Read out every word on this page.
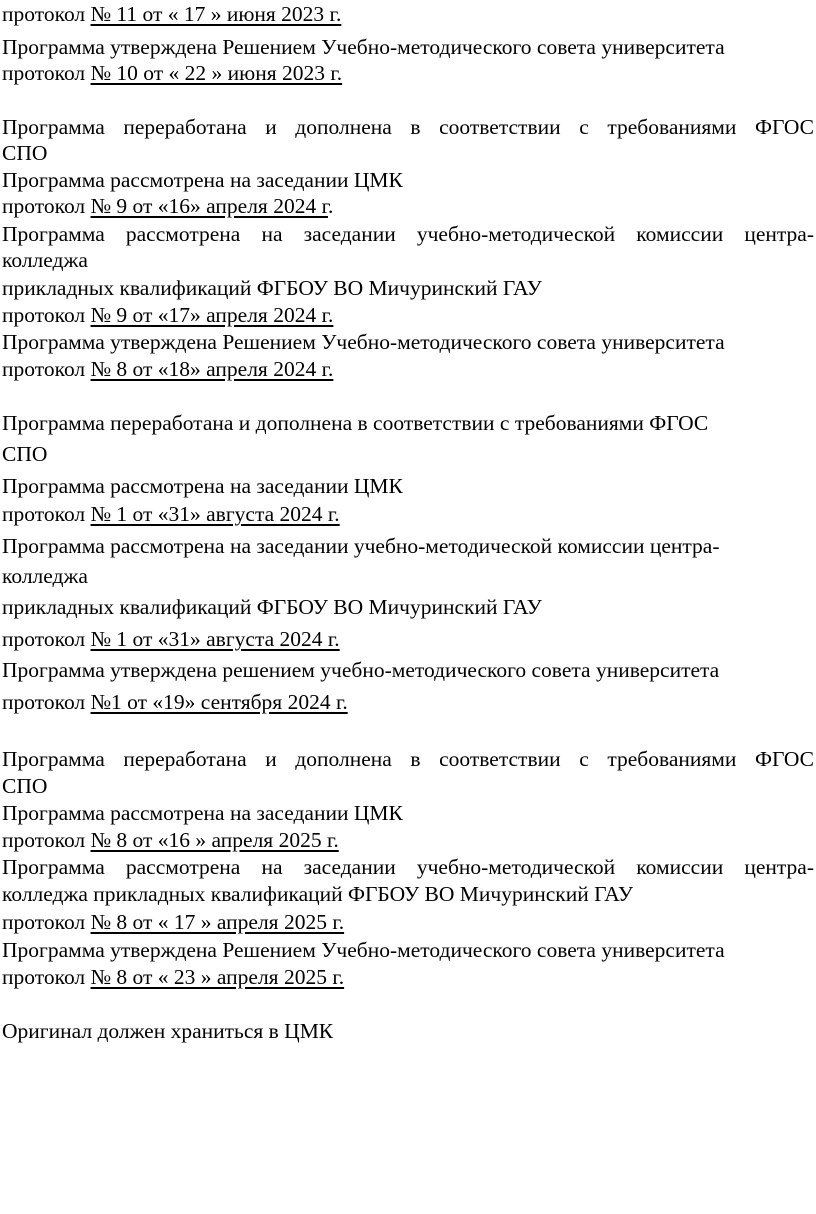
протокол № 11 от « 17 » июня 2023 г.
Программа утверждена Решением Учебно-методического совета университета
протокол № 10 от « 22 » июня 2023 г.
Программа переработана и дополнена в соответствии с требованиями ФГОС
СПО
Программа рассмотрена на заседании ЦМК
протокол № 9 от «16» апреля 2024 г.
Программа рассмотрена на заседании учебно-методической комиссии центра-
колледжа
прикладных квалификаций ФГБОУ ВО Мичуринский ГАУ
протокол № 9 от «17» апреля 2024 г.
Программа утверждена Решением Учебно-методического совета университета
протокол № 8 от «18» апреля 2024 г.
Программа переработана и дополнена в соответствии с требованиями ФГОС
СПО
Программа рассмотрена на заседании ЦМК
протокол № 1 от «31» августа 2024 г.
Программа рассмотрена на заседании учебно-методической комиссии центра-
колледжа
прикладных квалификаций ФГБОУ ВО Мичуринский ГАУ
протокол № 1 от «31» августа 2024 г.
Программа утверждена решением учебно-методического совета университета
протокол №1 от «19» сентября 2024 г.
Программа переработана и дополнена в соответствии с требованиями ФГОС
СПО
Программа рассмотрена на заседании ЦМК
протокол № 8 от «16 » апреля 2025 г.
Программа рассмотрена на заседании учебно-методической комиссии центра-
колледжа прикладных квалификаций ФГБОУ ВО Мичуринский ГАУ
протокол № 8 от « 17 » апреля 2025 г.
Программа утверждена Решением Учебно-методического совета университета
протокол № 8 от « 23 » апреля 2025 г.
Оригинал должен храниться в ЦМК
